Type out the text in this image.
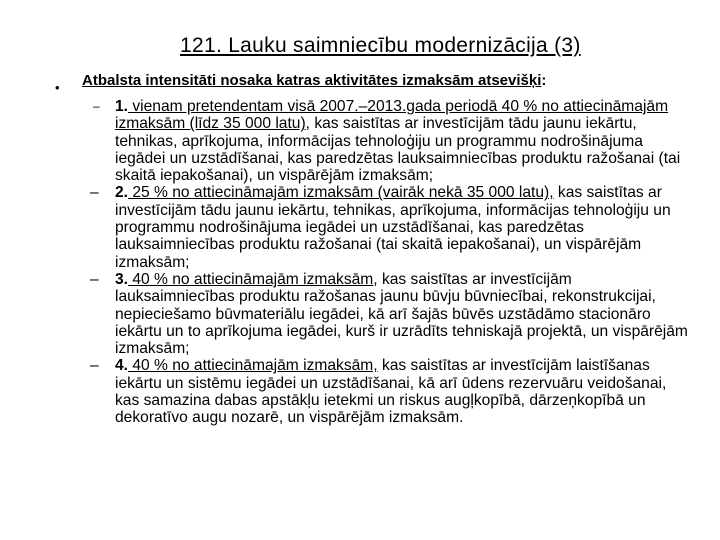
121. Lauku saimniecību modernizācija (3)
• Atbalsta intensitāti nosaka katras aktivitātes izmaksām atsevišķi:
– 1. vienam pretendentam visā 2007.–2013.gada periodā 40 % no attiecināmajām izmaksām (līdz 35 000 latu), kas saistītas ar investīcijām tādu jaunu iekārtu, tehnikas, aprīkojuma, informācijas tehnoloģiju un programmu nodrošinājuma iegādei un uzstādīšanai, kas paredzētas lauksaimniecības produktu ražošanai (tai skaitā iepakošanai), un vispārējām izmaksām;
– 2. 25 % no attiecināmajām izmaksām (vairāk nekā 35 000 latu), kas saistītas ar investīcijām tādu jaunu iekārtu, tehnikas, aprīkojuma, informācijas tehnoloģiju un programmu nodrošinājuma iegādei un uzstādīšanai, kas paredzētas lauksaimniecības produktu ražošanai (tai skaitā iepakošanai), un vispārējām izmaksām;
– 3. 40 % no attiecināmajām izmaksām, kas saistītas ar investīcijām lauksaimniecības produktu ražošanas jaunu būvju būvniecībai, rekonstrukcijai, nepieciešamo būvmateriālu iegādei, kā arī šajās būvēs uzstādāmo stacionāro iekārtu un to aprīkojuma iegādei, kurš ir uzrādīts tehniskajā projektā, un vispārējām izmaksām;
– 4. 40 % no attiecināmajām izmaksām, kas saistītas ar investīcijām laistīšanas iekārtu un sistēmu iegādei un uzstādīšanai, kā arī ūdens rezervuāru veidošanai, kas samazina dabas apstākļu ietekmi un riskus augļkopībā, dārzeņkopībā un dekoratīvo augu nozarē, un vispārējām izmaksām.
